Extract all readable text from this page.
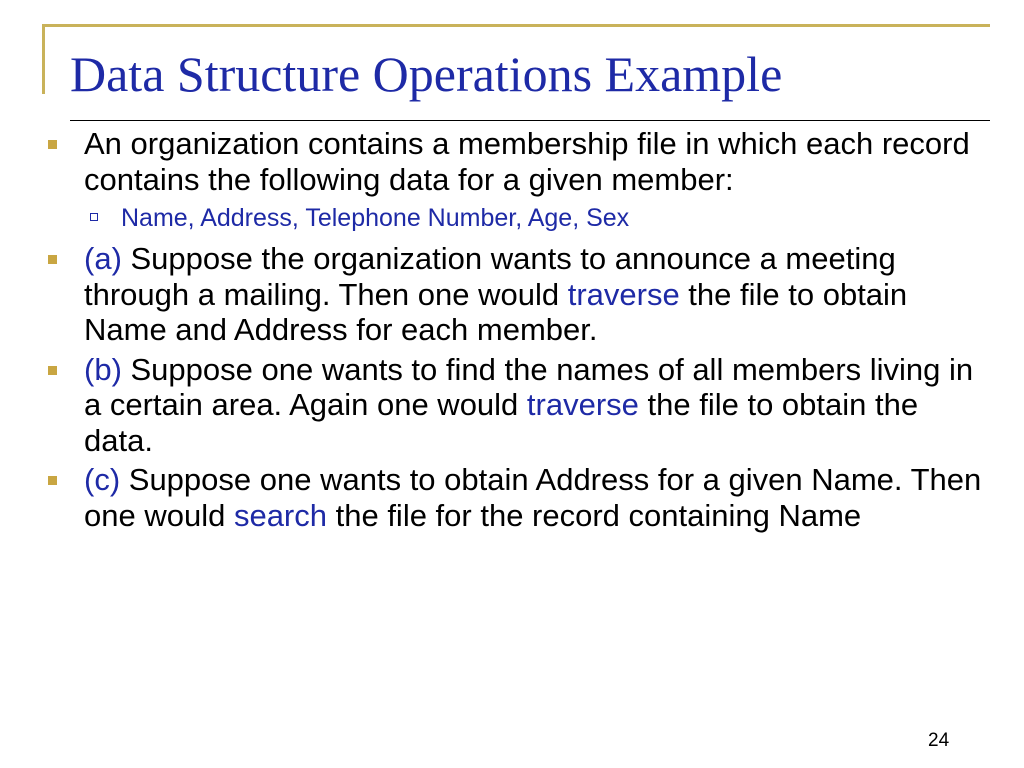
Data Structure Operations Example
An organization contains a membership file in which each record contains the following data for a given member:
Name, Address, Telephone Number, Age, Sex
(a) Suppose the organization wants to announce a meeting through a mailing. Then one would traverse the file to obtain Name and Address for each member.
(b) Suppose one wants to find the names of all members living in a certain area. Again one would traverse the file to obtain the data.
(c) Suppose one wants to obtain Address for a given Name. Then one would search the file for the record containing Name
24
